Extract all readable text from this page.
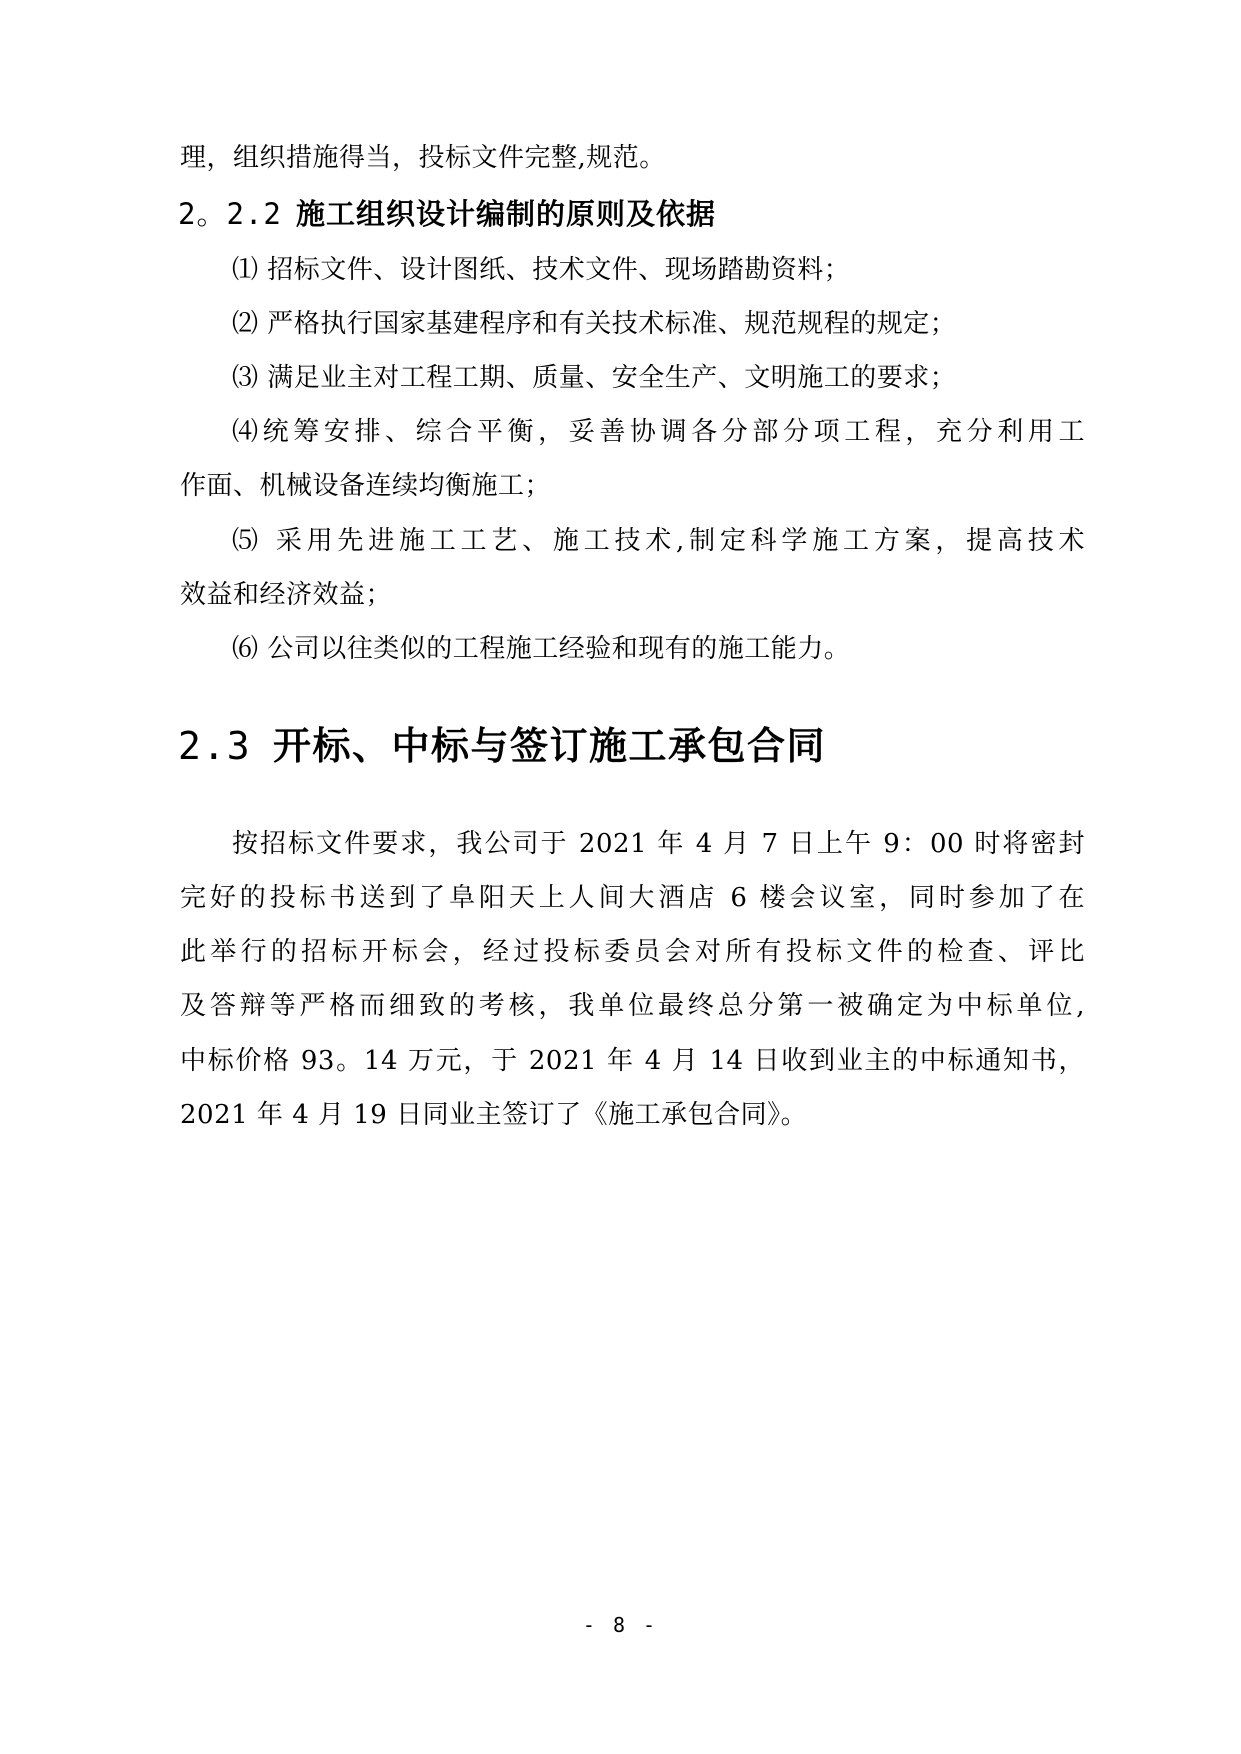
理，组织措施得当，投标文件完整,规范。
2。2.2 施工组织设计编制的原则及依据
⑴ 招标文件、设计图纸、技术文件、现场踏勘资料；
⑵ 严格执行国家基建程序和有关技术标准、规范规程的规定；
⑶ 满足业主对工程工期、质量、安全生产、文明施工的要求；
⑷统筹安排、综合平衡，妥善协调各分部分项工程，充分利用工
作面、机械设备连续均衡施工；
⑸ 采用先进施工工艺、施工技术,制定科学施工方案，提高技术
效益和经济效益；
⑹ 公司以往类似的工程施工经验和现有的施工能力。
2.3 开标、中标与签订施工承包合同
按招标文件要求，我公司于 2021 年 4 月 7 日上午 9：00 时将密封
完好的投标书送到了阜阳天上人间大酒店 6 楼会议室，同时参加了在
此举行的招标开标会，经过投标委员会对所有投标文件的检查、评比
及答辩等严格而细致的考核，我单位最终总分第一被确定为中标单位,
中标价格 93。14 万元，于 2021 年 4 月 14 日收到业主的中标通知书，
2021 年 4 月 19 日同业主签订了《施工承包合同》。
- 8 -
